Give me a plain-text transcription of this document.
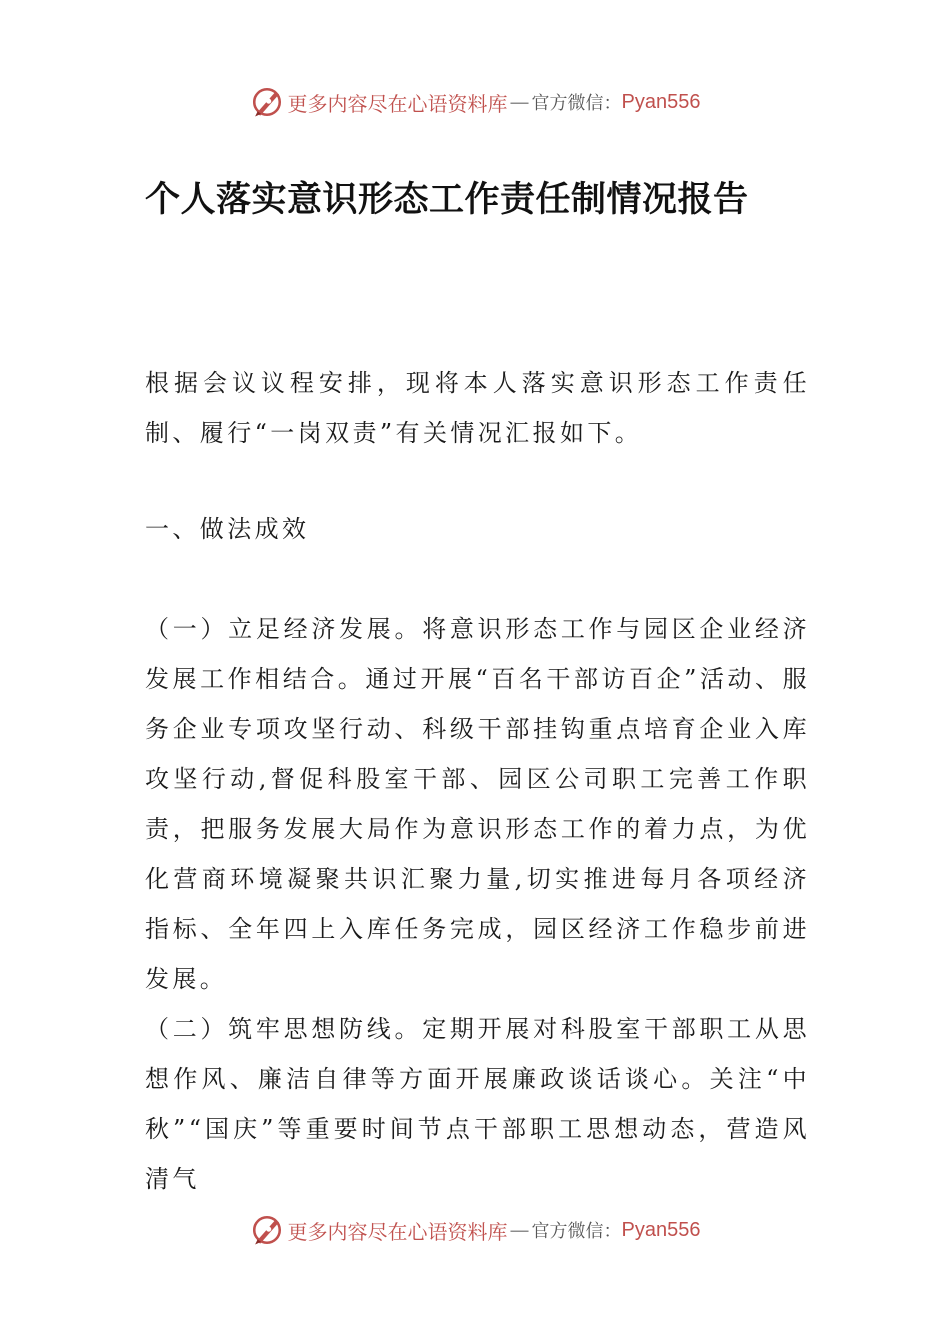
更多内容尽在心语资料库 — 官方微信： Pyan556
个人落实意识形态工作责任制情况报告

根据会议议程安排，现将本人落实意识形态工作责任制、履行“一岗双责”有关情况汇报如下。

一、做法成效

（一）立足经济发展。将意识形态工作与园区企业经济发展工作相结合。通过开展“百名干部访百企”活动、服务企业专项攻坚行动、科级干部挂钩重点培育企业入库攻坚行动,督促科股室干部、园区公司职工完善工作职责，把服务发展大局作为意识形态工作的着力点，为优化营商环境凝聚共识汇聚力量,切实推进每月各项经济指标、全年四上入库任务完成，园区经济工作稳步前进发展。

（二）筑牢思想防线。定期开展对科股室干部职工从思想作风、廉洁自律等方面开展廉政谈话谈心。关注“中秋”“国庆”等重要时间节点干部职工思想动态，营造风清气

更多内容尽在心语资料库 — 官方微信： Pyan556
